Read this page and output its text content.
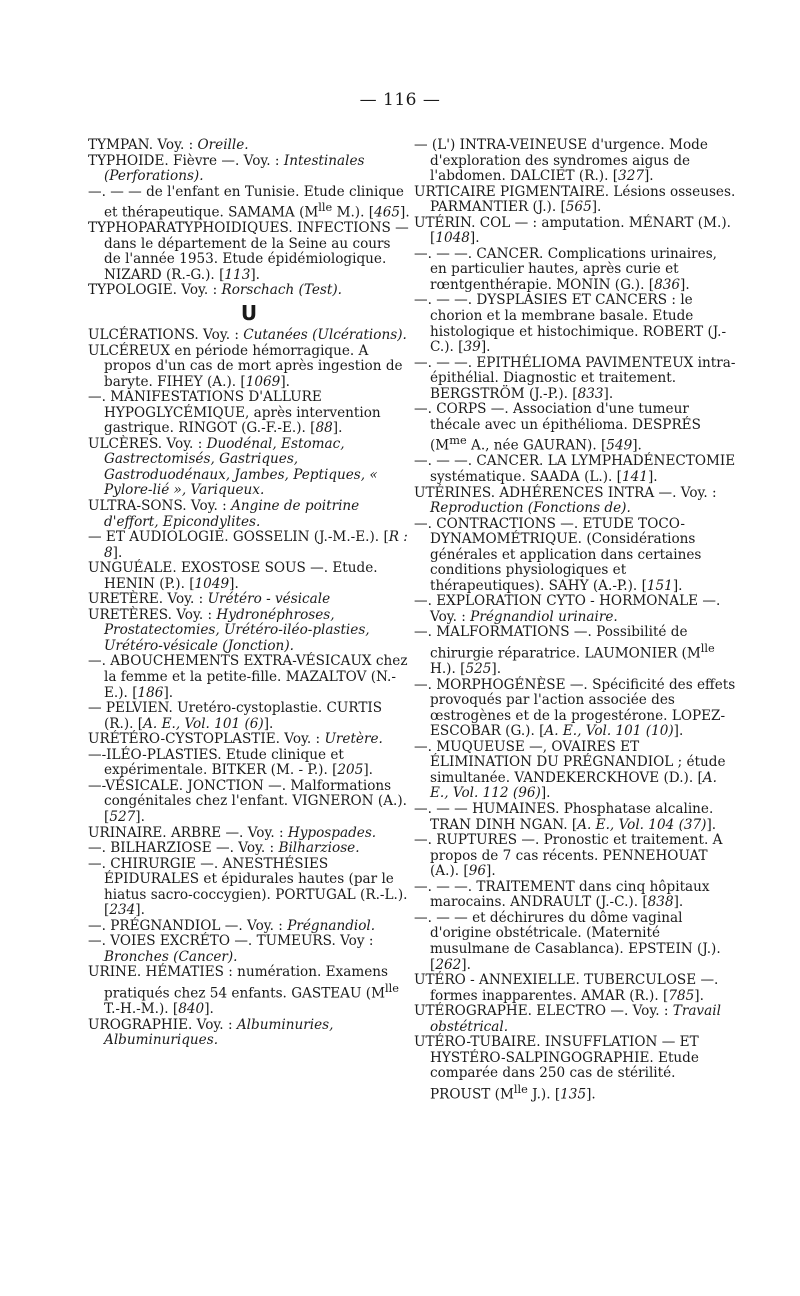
— 116 —

TYMPAN. Voy. : Oreille.

TYPHOIDE. Fièvre —. Voy. : Intestinales (Perforations).

—. — — de l'enfant en Tunisie. Etude clinique et thérapeutique. SAMAMA ($M^{lle}$ M.). [465].

TYPHOPARATYPHOIDIQUES. INFECTIONS — dans le département de la Seine au cours de l'année 1953. Etude épidémiologique. NIZARD (R.-G.). [113].

TYPOLOGIE. Voy. : Rorschach (Test).

U

ULCÉRATIONS. Voy. : Cutanées (Ulcérations).

ULCÉREUX en période hémorragique. A propos d'un cas de mort après ingestion de baryte. FIHEY (A.). [1069].

—. MANIFESTATIONS D'ALLURE HYPOGLYCÉMIQUE, après intervention gastrique. RINGOT (G.-F.-E.). [88].

ULCÈRES. Voy. : Duodénal, Estomac, Gastrectomisés, Gastriques, Gastroduodénaux, Jambes, Peptiques, « Pylore-lié », Variqueux.

ULTRA-SONS. Voy. : Angine de poitrine d'effort, Epicondylites.

— ET AUDIOLOGIE. GOSSELIN (J.-M.-E.). [R : 8].

UNGUÉALE. EXOSTOSE SOUS —. Etude. HENIN (P.). [1049].

URETÈRE. Voy. : Urétéro - vésicale

URETÈRES. Voy. : Hydronéphroses, Prostatectomies, Urétéro-iléo-plasties, Urétéro-vésicale (Jonction).

—. ABOUCHEMENTS EXTRA-VÉSICAUX chez la femme et la petite-fille. MAZALTOV (N.-E.). [186].

— PELVIEN. Uretéro-cystoplastie. CURTIS (R.). [A. E., Vol. 101 (6)].

URÉTÉRO-CYSTOPLASTIE. Voy. : Uretère.

—-ILÉO-PLASTIES. Etude clinique et expérimentale. BITKER (M. - P.). [205].

—-VÉSICALE. JONCTION —. Malformations congénitales chez l'enfant. VIGNERON (A.). [527].

URINAIRE. ARBRE —. Voy. : Hypospades.

—. BILHARZIOSE —. Voy. : Bilharziose.

—. CHIRURGIE —. ANESTHÉSIES ÉPIDURALES et épidurales hautes (par le hiatus sacro-coccygien). PORTUGAL (R.-L.). [234].

—. PRÉGNANDIOL —. Voy. : Prégnandiol.

—. VOIES EXCRÉTO —. TUMEURS. Voy : Bronches (Cancer).

URINE. HÉMATIES : numération. Examens pratiqués chez 54 enfants. GASTEAU ($M^{lle}$ T.-H.-M.). [840].

UROGRAPHIE. Voy. : Albuminuries, Albuminuriques.

— (L') INTRA-VEINEUSE d'urgence. Mode d'exploration des syndromes aigus de l'abdomen. DALCIET (R.). [327].

URTICAIRE PIGMENTAIRE. Lésions osseuses. PARMANTIER (J.). [565].

UTÉRIN. COL — : amputation. MÉNART (M.). [1048].

—. — —. CANCER. Complications urinaires, en particulier hautes, après curie et rœntgenthérapie. MONIN (G.). [836].

—. — —. DYSPLASIES ET CANCERS : le chorion et la membrane basale. Etude histologique et histochimique. ROBERT (J.-C.). [39].

—. — —. EPITHÉLIOMA PAVIMENTEUX intra-épithélial. Diagnostic et traitement. BERGSTRÖM (J.-P.). [833].

—. CORPS —. Association d'une tumeur thécale avec un épithélioma. DESPRÉS ($M^{me}$ A., née GAURAN). [549].

—. — —. CANCER. LA LYMPHADÉNECTOMIE systématique. SAADA (L.). [141].

UTÉRINES. ADHÉRENCES INTRA —. Voy. : Reproduction (Fonctions de).

—. CONTRACTIONS —. ETUDE TOCO-DYNAMOMÉTRIQUE. (Considérations générales et application dans certaines conditions physiologiques et thérapeutiques). SAHY (A.-P.). [151].

—. EXPLORATION CYTO - HORMONALE —. Voy. : Prégnandiol urinaire.

—. MALFORMATIONS —. Possibilité de chirurgie réparatrice. LAUMONIER ($M^{lle}$ H.). [525].

—. MORPHOGÉNÈSE —. Spécificité des effets provoqués par l'action associée des œstrogènes et de la progestérone. LOPEZ-ESCOBAR (G.). [A. E., Vol. 101 (10)].

—. MUQUEUSE —, OVAIRES ET ÉLIMINATION DU PRÉGNANDIOL ; étude simultanée. VANDEKERCKHOVE (D.). [A. E., Vol. 112 (96)].

—. — — HUMAINES. Phosphatase alcaline. TRAN DINH NGAN. [A. E., Vol. 104 (37)].

—. RUPTURES —. Pronostic et traitement. A propos de 7 cas récents. PENNEHOUAT (A.). [96].

—. — —. TRAITEMENT dans cinq hôpitaux marocains. ANDRAULT (J.-C.). [838].

—. — — et déchirures du dôme vaginal d'origine obstétricale. (Maternité musulmane de Casablanca). EPSTEIN (J.). [262].

UTÉRO - ANNEXIELLE. TUBERCULOSE —. formes inapparentes. AMAR (R.). [785].

UTÉROGRAPHE. ELECTRO —. Voy. : Travail obstétrical.

UTÉRO-TUBAIRE. INSUFFLATION — ET HYSTÉRO-SALPINGOGRAPHIE. Etude comparée dans 250 cas de stérilité. PROUST ($M^{lle}$ J.). [135].
